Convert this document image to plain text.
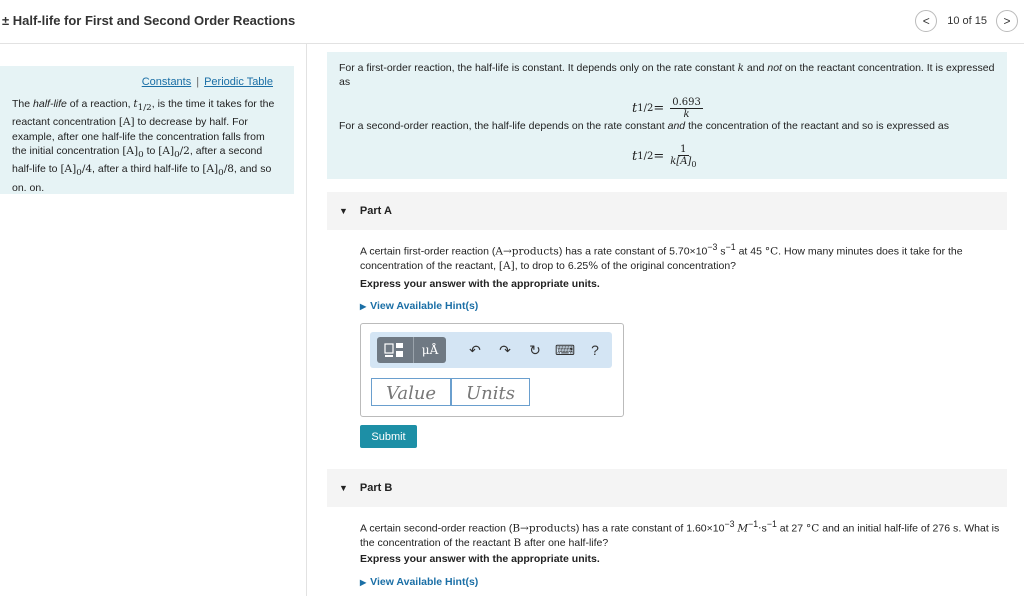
± Half-life for First and Second Order Reactions	< 10 of 15 >
Constants | Periodic Table
The half-life of a reaction, $t_{1/2}$, is the time it takes for the reactant concentration [A] to decrease by half. For example, after one half-life the concentration falls from the initial concentration $[A]_0$ to $[A]_0/2$, after a second half-life to $[A]_0/4$, after a third half-life to $[A]_0/8$, and so on. on.
For a first-order reaction, the half-life is constant. It depends only on the rate constant k and not on the reactant concentration. It is expressed as
t $1/2 = \frac{0.693}{k}$
For a second-order reaction, the half-life depends on the rate constant and the concentration of the reactant and so is expressed as
t $1/2 = \frac{1}{k[A]_0}$
▼ Part A
A certain first-order reaction (A→products) has a rate constant of $5.70\times 10^{-3}$ $s^{-1}$ at 45 °C. How many minutes does it take for the concentration of the reactant, [A], to drop to 6.25% of the original concentration?
Express your answer with the appropriate units.
▶ View Available Hint(s)
μÅ	↶	↷	↻	⌨	?
Value
Units
Submit
▼ Part B
A certain second-order reaction (B→products) has a rate constant of $1.60\times 10^{-3}$ $M^{-1}\cdot s^{-1}$ at 27 °C and an initial half-life of 276 s. What is the concentration of the reactant B after one half-life?
Express your answer with the appropriate units.
▶ View Available Hint(s)
